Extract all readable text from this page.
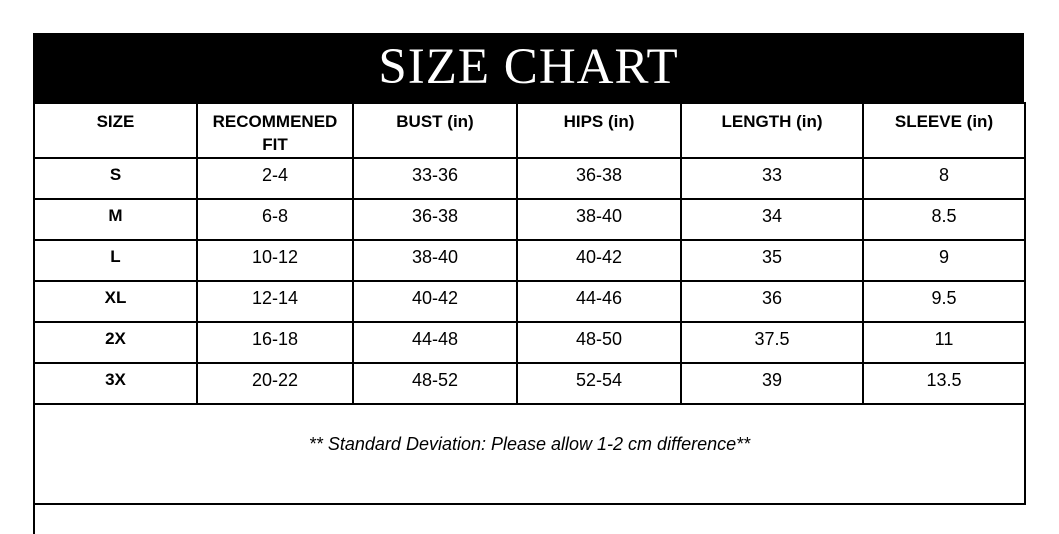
SIZE CHART
SIZE	RECOMMENED FIT	BUST (in)	HIPS (in)	LENGTH (in)	SLEEVE (in)
S	2-4	33-36	36-38	33	8
M	6-8	36-38	38-40	34	8.5
L	10-12	38-40	40-42	35	9
XL	12-14	40-42	44-46	36	9.5
2X	16-18	44-48	48-50	37.5	11
3X	20-22	48-52	52-54	39	13.5
** Standard Deviation: Please allow 1-2 cm difference**					
